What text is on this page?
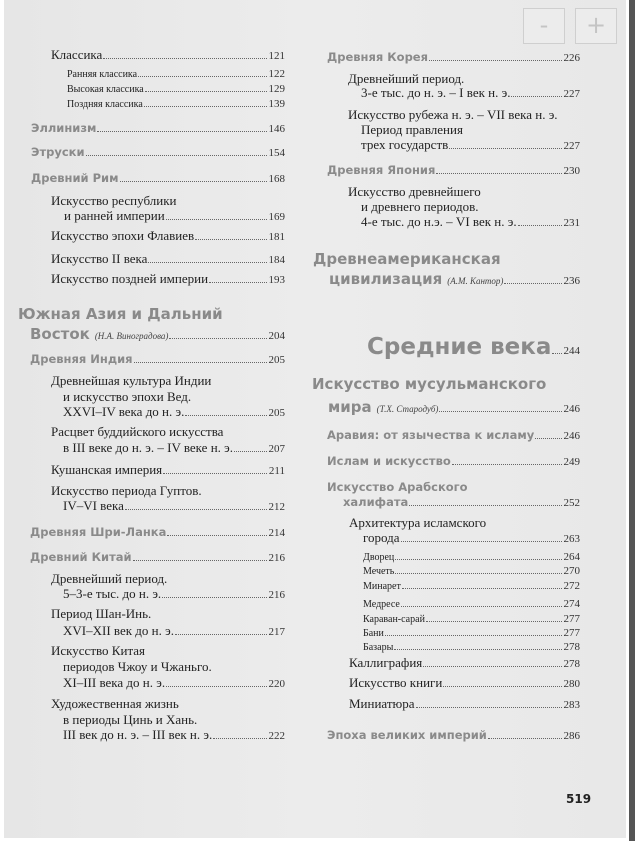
-	+
Классика	121
Ранняя классика	122
Высокая классика	129
Поздняя классика	139
Эллинизм	146
Этруски	154
Древний Рим	168
Искусство республики
и ранней империи	169
Искусство эпохи Флавиев	181
Искусство II века	184
Искусство поздней империи	193
Южная Азия и Дальний
Восток (Н.А. Виноградова)	204
Древняя Индия	205
Древнейшая культура Индии
и искусство эпохи Вед.
XXVI–IV века до н. э.	205
Расцвет буддийского искусства
в III веке до н. э. – IV веке н. э.	207
Кушанская империя	211
Искусство периода Гуптов.
IV–VI века	212
Древняя Шри-Ланка	214
Древний Китай	216
Древнейший период.
5–3-е тыс. до н. э.	216
Период Шан-Инь.
XVI–XII век до н. э.	217
Искусство Китая
периодов Чжоу и Чжаньго.
XI–III века до н. э.	220
Художественная жизнь
в периоды Цинь и Хань.
III век до н. э. – III век н. э.	222
Древняя Корея	226
Древнейший период.
3-е тыс. до н. э. – I век н. э.	227
Искусство рубежа н. э. – VII века н. э.
Период правления
трех государств	227
Древняя Япония	230
Искусство древнейшего
и древнего периодов.
4-е тыс. до н.э. – VI век н. э.	231
Древнеамериканская
цивилизация (А.М. Кантор)	236
Средние века 244
Искусство мусульманского
мира (Т.Х. Стародуб)	246
Аравия: от язычества к исламу	246
Ислам и искусство	249
Искусство Арабского
халифата	252
Архитектура исламского
города	263
Дворец	264
Мечеть	270
Минарет	272
Медресе	274
Караван-сарай	277
Бани	277
Базары	278
Каллиграфия	278
Искусство книги	280
Миниатюра	283
Эпоха великих империй	286
519
